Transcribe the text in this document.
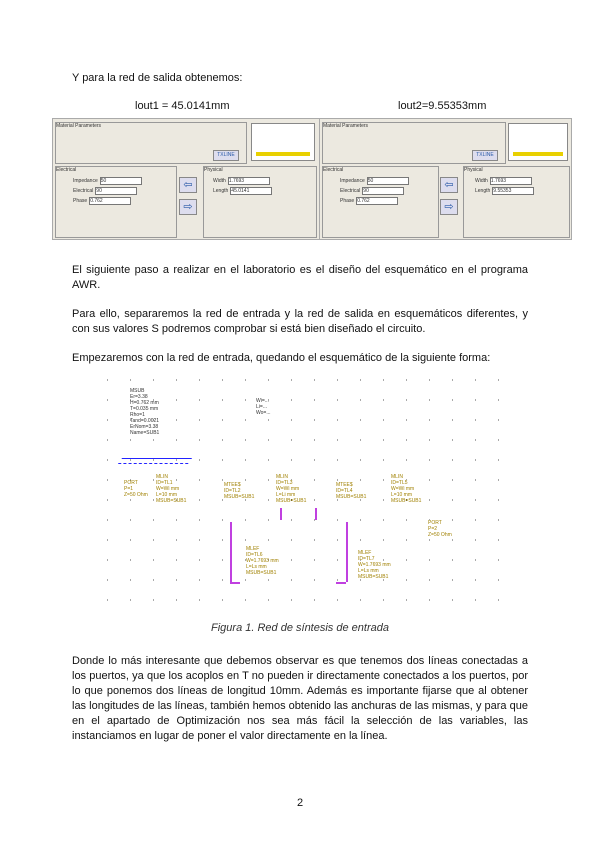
Y para la red de salida obtenemos:
lout1 = 45.0141mm	lout2=9.55353mm
Material Parameters
TXLINE
Electrical	Physical
⇦
⇨
Impedance 50
Electrical 90
Phase 0.762
Width 1.7693
Length 45.0141
Material Parameters
TXLINE
Electrical	Physical
⇦
⇨
Impedance 50
Electrical 90
Phase 0.762
Width 1.7693
Length 9.55353
El siguiente paso a realizar en el laboratorio es el diseño del esquemático en el programa AWR.
Para ello, separaremos la red de entrada y la red de salida en esquemáticos diferentes, y con sus valores S podremos comprobar si está bien diseñado el circuito.
Empezaremos con la red de entrada, quedando el esquemático de la siguiente forma:
MSUB
Er=3.38
H=0.762 mm
T=0.035 mm
Rho=1
Tand=0.0021
ErNom=3.38
Name=SUB1
Wi=...
Li=...
Wo=...
PORT
P=1
Z=50 Ohm
MLIN
ID=TL1
W=Wi mm
L=10 mm
MSUB=SUB1
MTEE$
ID=TL2
MSUB=SUB1
MLIN
ID=TL3
W=Wi mm
L=Li mm
MSUB=SUB1
MTEE$
ID=TL4
MSUB=SUB1
MLIN
ID=TL5
W=Wi mm
L=10 mm
MSUB=SUB1
PORT
P=2
Z=50 Ohm
MLEF
ID=TL6
W=1.7693 mm
L=Ls mm
MSUB=SUB1
MLEF
ID=TL7
W=1.7693 mm
L=Ls mm
MSUB=SUB1
Figura 1. Red de síntesis de entrada
Donde lo más interesante que debemos observar es que tenemos dos líneas conectadas a los puertos, ya que los acoplos en T no pueden ir directamente conectados a los puertos, por lo que ponemos dos líneas de longitud 10mm. Además es importante fijarse que al obtener las longitudes de las líneas, también hemos obtenido las anchuras de las mismas, y para que en el apartado de Optimización nos sea más fácil la selección de las variables, las instanciamos en lugar de poner el valor directamente en la línea.
2
